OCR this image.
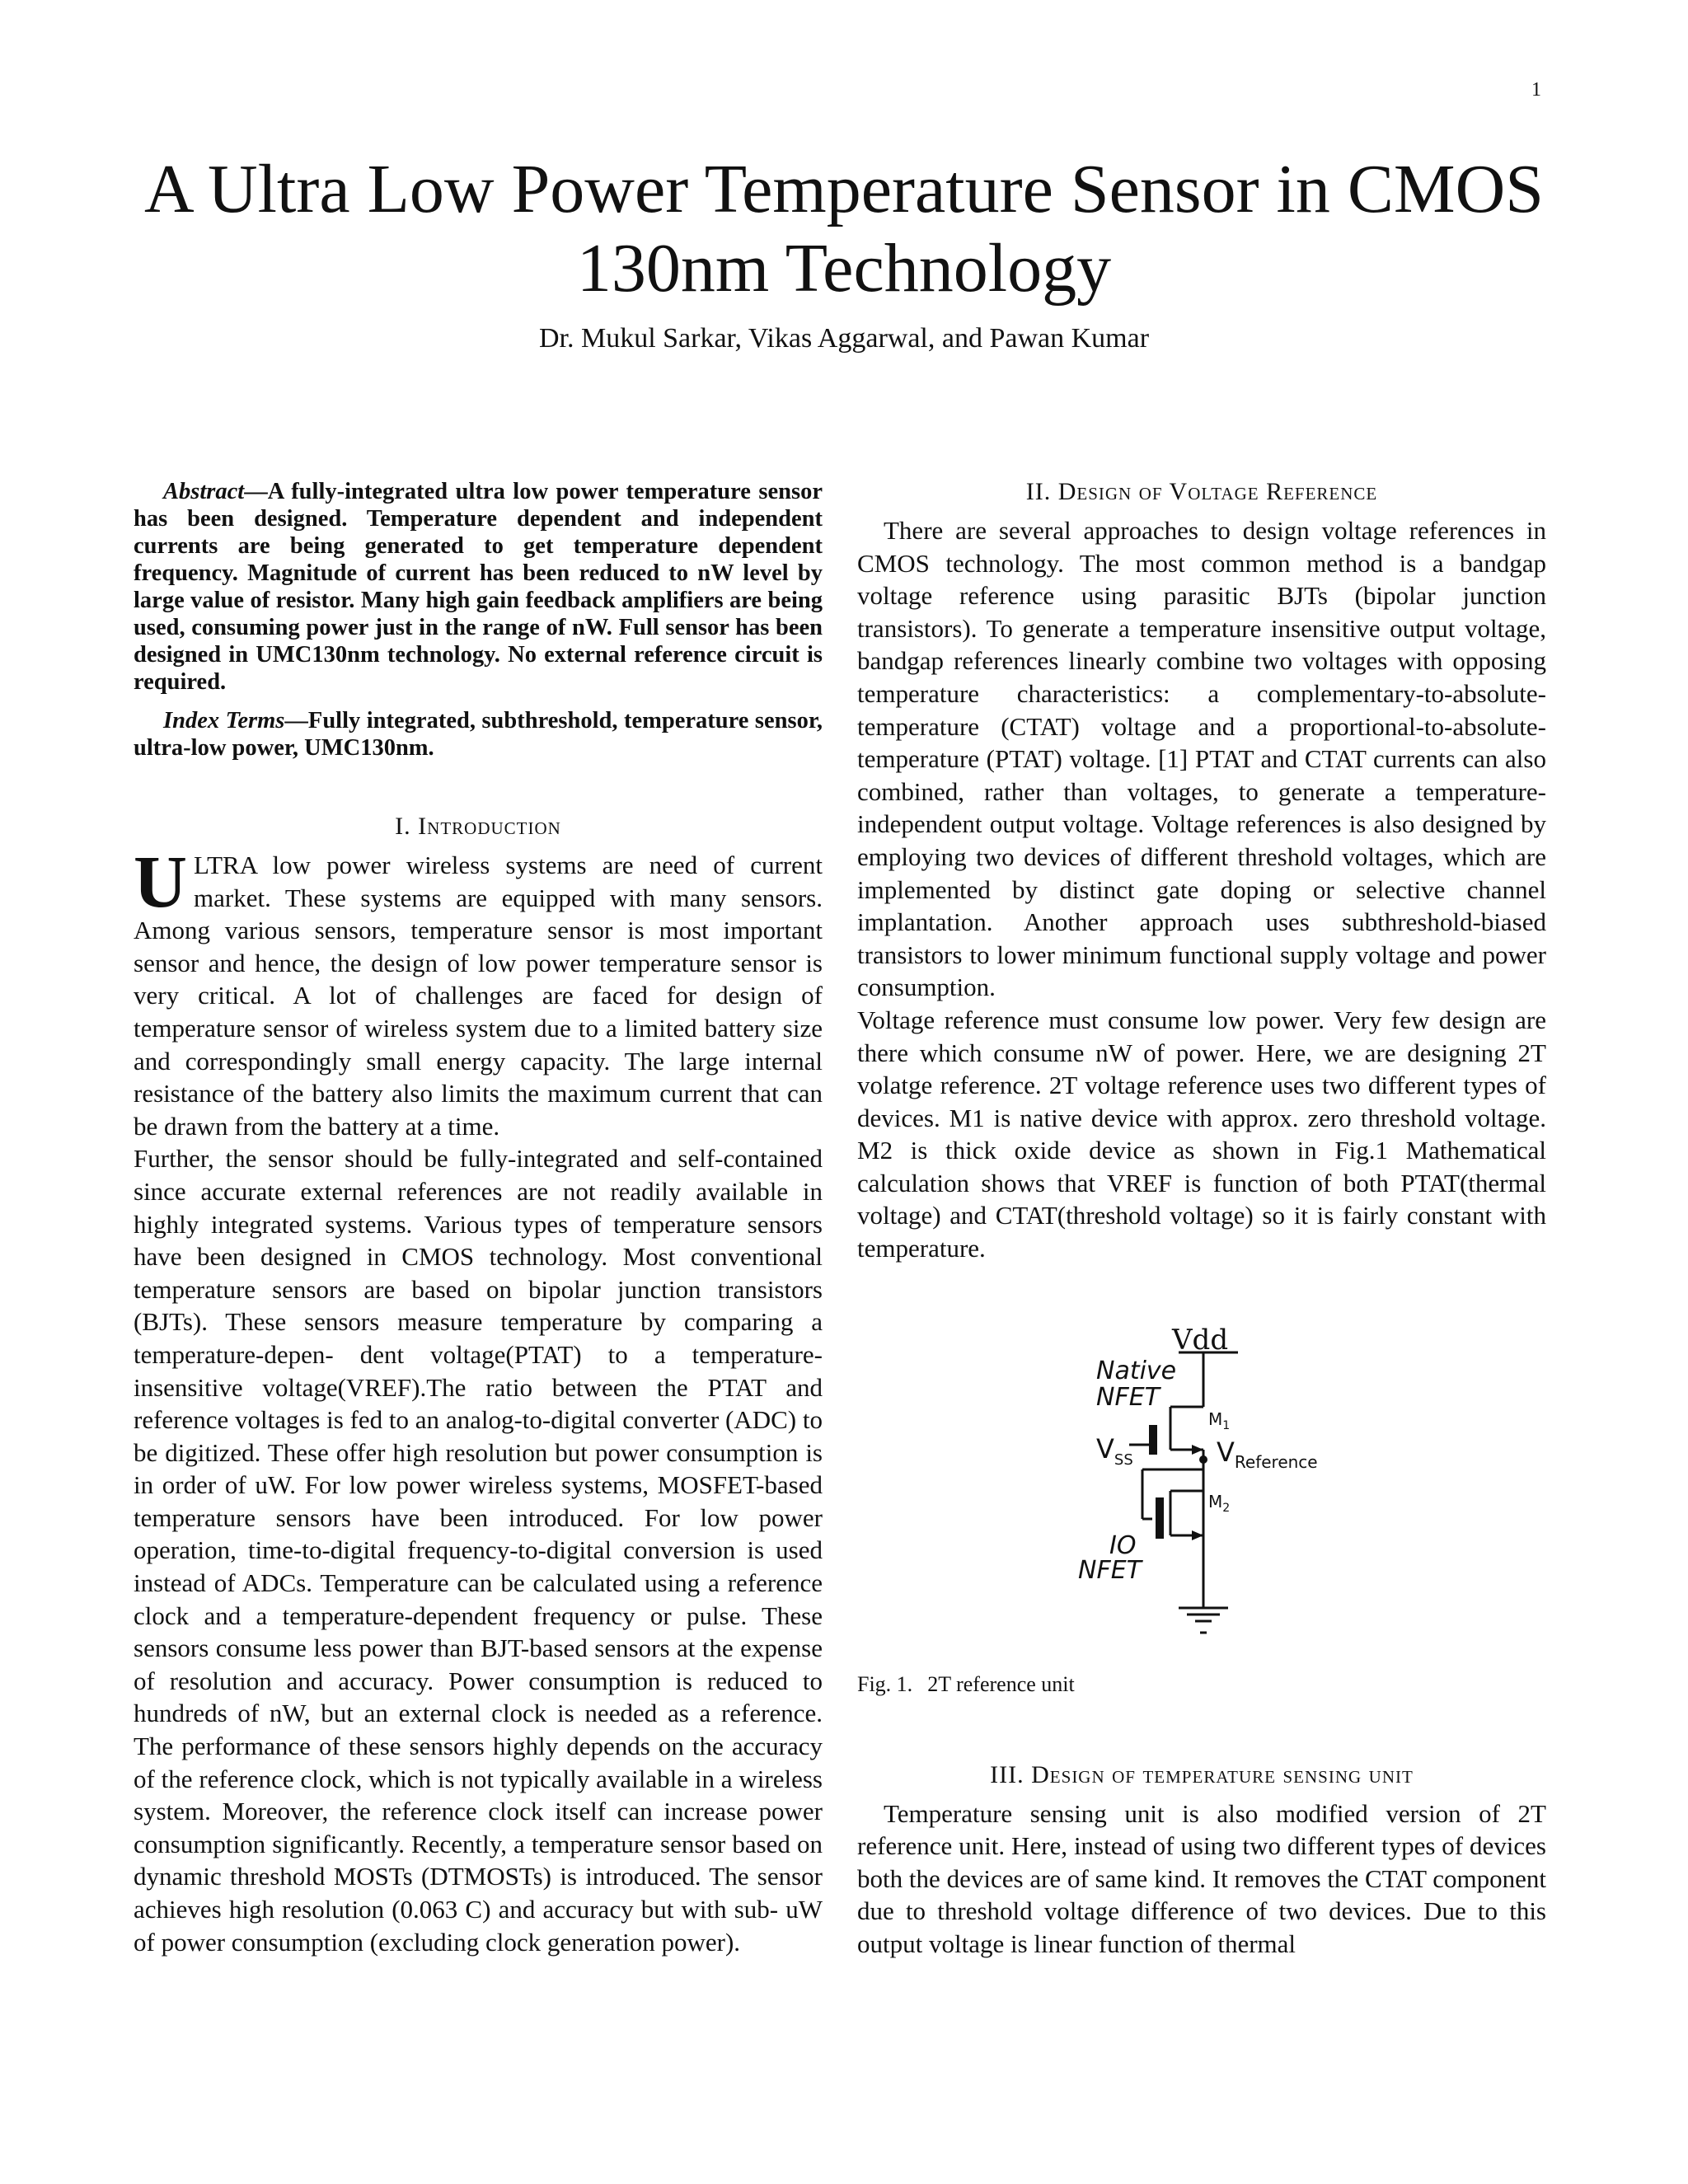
1
A Ultra Low Power Temperature Sensor in CMOS 130nm Technology
Dr. Mukul Sarkar, Vikas Aggarwal, and Pawan Kumar

Abstract—A fully-integrated ultra low power temperature sensor has been designed. Temperature dependent and independent currents are being generated to get temperature dependent frequency. Magnitude of current has been reduced to nW level by large value of resistor. Many high gain feedback amplifiers are being used, consuming power just in the range of nW. Full sensor has been designed in UMC130nm technology. No external reference circuit is required.

Index Terms—Fully integrated, subthreshold, temperature sensor, ultra-low power, UMC130nm.

I. Introduction

ULTRA low power wireless systems are need of current market. These systems are equipped with many sensors. Among various sensors, temperature sensor is most important sensor and hence, the design of low power temperature sensor is very critical. A lot of challenges are faced for design of temperature sensor of wireless system due to a limited battery size and correspondingly small energy capacity. The large internal resistance of the battery also limits the maximum current that can be drawn from the battery at a time.

Further, the sensor should be fully-integrated and self-contained since accurate external references are not readily available in highly integrated systems. Various types of temperature sensors have been designed in CMOS technology. Most conventional temperature sensors are based on bipolar junction transistors (BJTs). These sensors measure temperature by comparing a temperature-depen- dent voltage(PTAT) to a temperature-insensitive voltage(VREF).The ratio between the PTAT and reference voltages is fed to an analog-to-digital converter (ADC) to be digitized. These offer high resolution but power consumption is in order of uW. For low power wireless systems, MOSFET-based temperature sensors have been introduced. For low power operation, time-to-digital frequency-to-digital conversion is used instead of ADCs. Temperature can be calculated using a reference clock and a temperature-dependent frequency or pulse. These sensors consume less power than BJT-based sensors at the expense of resolution and accuracy. Power consumption is reduced to hundreds of nW, but an external clock is needed as a reference. The performance of these sensors highly depends on the accuracy of the reference clock, which is not typically available in a wireless system. Moreover, the reference clock itself can increase power consumption significantly. Recently, a temperature sensor based on dynamic threshold MOSTs (DTMOSTs) is introduced. The sensor achieves high resolution (0.063 C) and accuracy but with sub- uW of power consumption (excluding clock generation power).

II. Design of Voltage Reference

There are several approaches to design voltage references in CMOS technology. The most common method is a bandgap voltage reference using parasitic BJTs (bipolar junction transistors). To generate a temperature insensitive output voltage, bandgap references linearly combine two voltages with opposing temperature characteristics: a complementary-to-absolute-temperature (CTAT) voltage and a proportional-to-absolute-temperature (PTAT) voltage. [1] PTAT and CTAT currents can also combined, rather than voltages, to generate a temperature-independent output voltage. Voltage references is also designed by employing two devices of different threshold voltages, which are implemented by distinct gate doping or selective channel implantation. Another approach uses subthreshold-biased transistors to lower minimum functional supply voltage and power consumption.

Voltage reference must consume low power. Very few design are there which consume nW of power. Here, we are designing 2T volatge reference. 2T voltage reference uses two different types of devices. M1 is native device with approx. zero threshold voltage. M2 is thick oxide device as shown in Fig.1 Mathematical calculation shows that VREF is function of both PTAT(thermal voltage) and CTAT(threshold voltage) so it is fairly constant with temperature.

Vdd
Native
NFET
$V_{SS}$
$M_1$
$V_{Reference}$
$M_2$
IO
NFET
Fig. 1. 2T reference unit
III. Design of temperature sensing unit

Temperature sensing unit is also modified version of 2T reference unit. Here, instead of using two different types of devices both the devices are of same kind. It removes the CTAT component due to threshold voltage difference of two devices. Due to this output voltage is linear function of thermal
